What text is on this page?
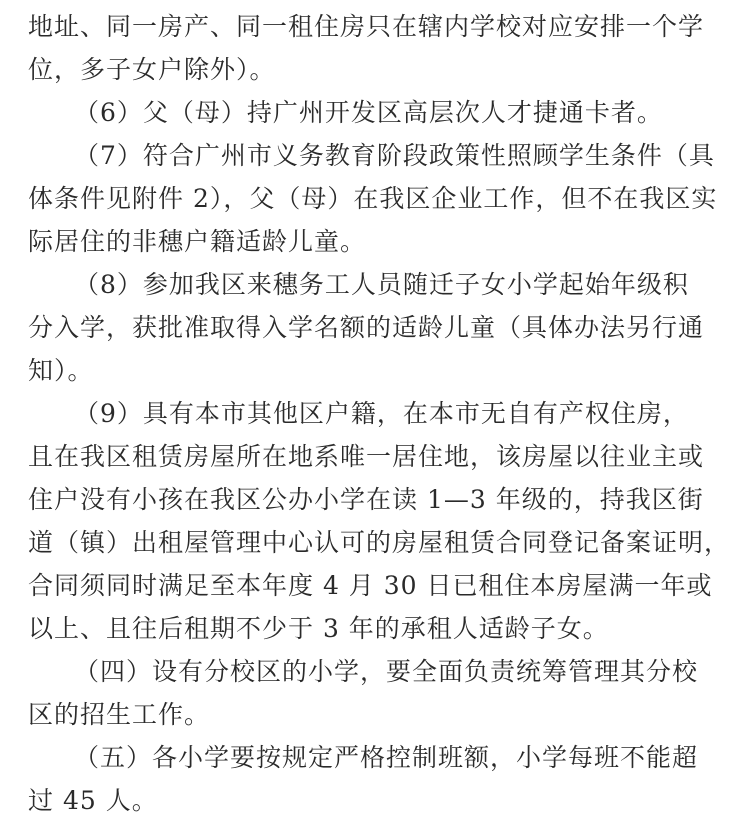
地址、同一房产、同一租住房只在辖内学校对应安排一个学
位，多子女户除外）。
（6）父（母）持广州开发区高层次人才捷通卡者。
（7）符合广州市义务教育阶段政策性照顾学生条件（具
体条件见附件 2），父（母）在我区企业工作，但不在我区实
际居住的非穗户籍适龄儿童。
（8）参加我区来穗务工人员随迁子女小学起始年级积
分入学，获批准取得入学名额的适龄儿童（具体办法另行通
知）。
（9）具有本市其他区户籍，在本市无自有产权住房，
且在我区租赁房屋所在地系唯一居住地，该房屋以往业主或
住户没有小孩在我区公办小学在读 1—3 年级的，持我区街
道（镇）出租屋管理中心认可的房屋租赁合同登记备案证明，
合同须同时满足至本年度 4 月 30 日已租住本房屋满一年或
以上、且往后租期不少于 3 年的承租人适龄子女。
（四）设有分校区的小学，要全面负责统筹管理其分校
区的招生工作。
（五）各小学要按规定严格控制班额，小学每班不能超
过 45 人。
